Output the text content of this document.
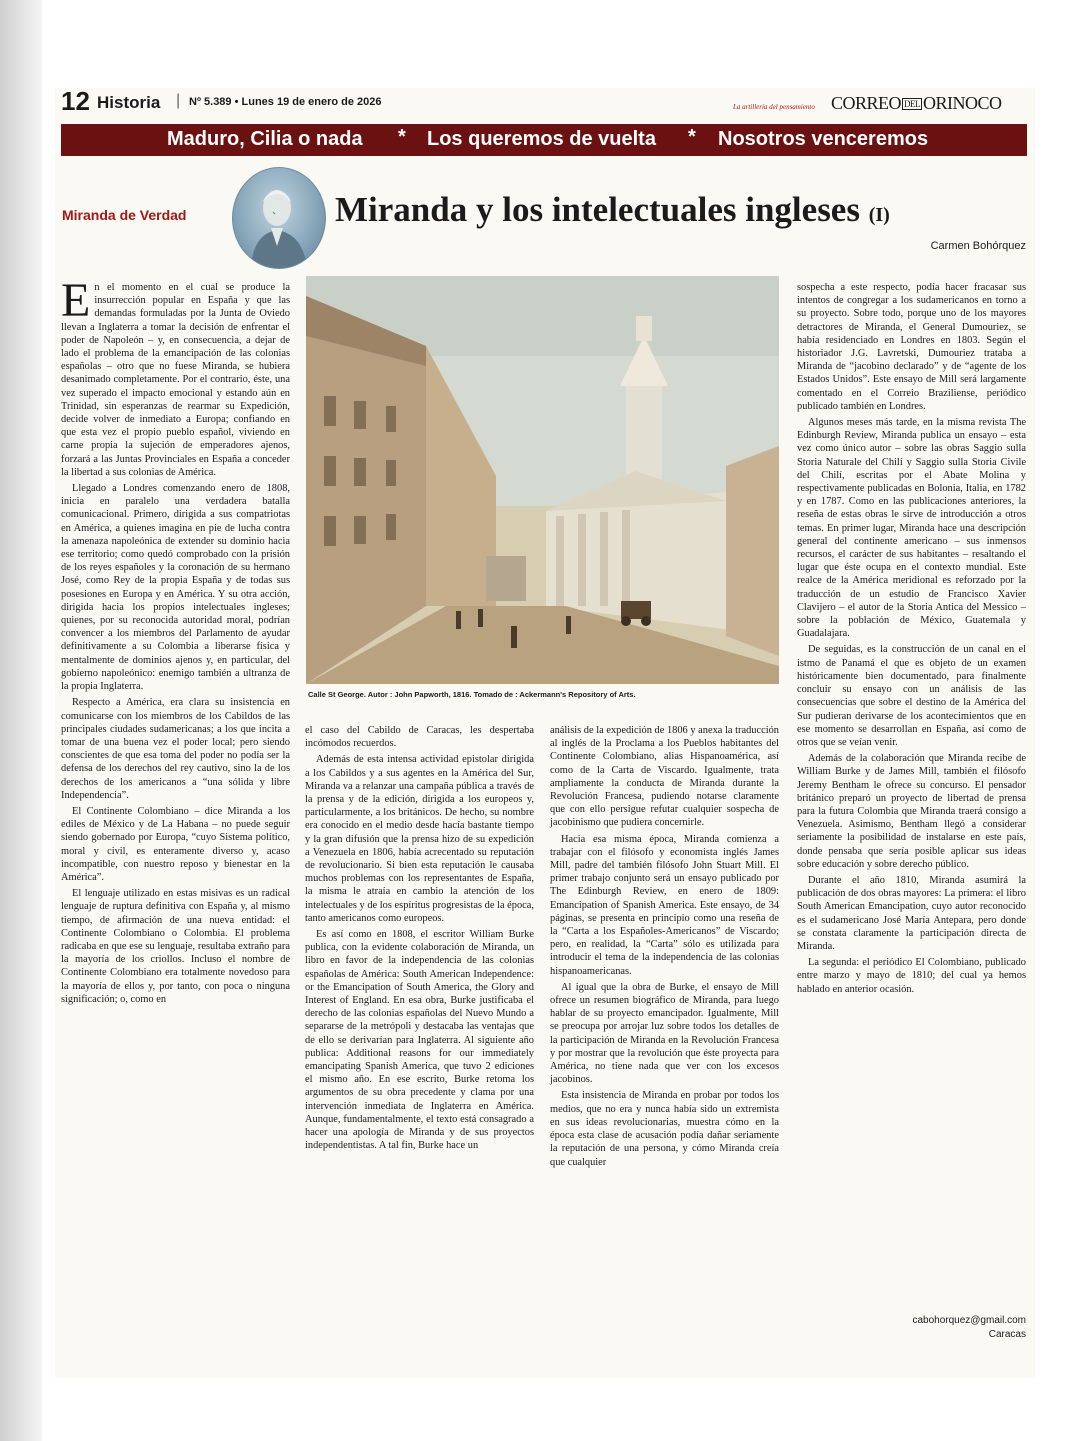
12 Historia | Nº 5.389 • Lunes 19 de enero de 2026	La artillería del pensamiento CORREO DEL ORINOCO
Maduro, Cilia o nada * Los queremos de vuelta * Nosotros venceremos
Miranda de Verdad	Miranda y los intelectuales ingleses (I)
Carmen Bohórquez
Calle St George. Autor : John Papworth, 1816. Tomado de : Ackermann's Repository of Arts.

En el momento en el cual se produce la insurrección popular en España y que las demandas formuladas por la Junta de Oviedo llevan a Inglaterra a tomar la decisión de enfrentar el poder de Napoleón – y, en consecuencia, a dejar de lado el problema de la emancipación de las colonias españolas – otro que no fuese Miranda, se hubiera desanimado completamente. Por el contrario, éste, una vez superado el impacto emocional y estando aún en Trinidad, sin esperanzas de rearmar su Expedición, decide volver de inmediato a Europa; confiando en que esta vez el propio pueblo español, viviendo en carne propia la sujeción de emperadores ajenos, forzará a las Juntas Provinciales en España a conceder la libertad a sus colonias de América.

Llegado a Londres comenzando enero de 1808, inicia en paralelo una verdadera batalla comunicacional. Primero, dirigida a sus compatriotas en América, a quienes imagina en pie de lucha contra la amenaza napoleónica de extender su dominio hacia ese territorio; como quedó comprobado con la prisión de los reyes españoles y la coronación de su hermano José, como Rey de la propia España y de todas sus posesiones en Europa y en América. Y su otra acción, dirigida hacia los propios intelectuales ingleses; quienes, por su reconocida autoridad moral, podrían convencer a los miembros del Parlamento de ayudar definitivamente a su Colombia a liberarse física y mentalmente de dominios ajenos y, en particular, del gobierno napoleónico: enemigo también a ultranza de la propia Inglaterra.

Respecto a América, era clara su insistencia en comunicarse con los miembros de los Cabildos de las principales ciudades sudamericanas; a los que incita a tomar de una buena vez el poder local; pero siendo conscientes de que esa toma del poder no podía ser la defensa de los derechos del rey cautivo, sino la de los derechos de los americanos a “una sólida y libre Independencia”.

El Continente Colombiano – dice Miranda a los ediles de México y de La Habana – no puede seguir siendo gobernado por Europa, “cuyo Sistema político, moral y civil, es enteramente diverso y, acaso incompatible, con nuestro reposo y bienestar en la América”.

El lenguaje utilizado en estas misivas es un radical lenguaje de ruptura definitiva con España y, al mismo tiempo, de afirmación de una nueva entidad: el Continente Colombiano o Colombia. El problema radicaba en que ese su lenguaje, resultaba extraño para la mayoría de los criollos. Incluso el nombre de Continente Colombiano era totalmente novedoso para la mayoría de ellos y, por tanto, con poca o ninguna significación; o, como en

el caso del Cabildo de Caracas, les despertaba incómodos recuerdos.

Además de esta intensa actividad epistolar dirigida a los Cabildos y a sus agentes en la América del Sur, Miranda va a relanzar una campaña pública a través de la prensa y de la edición, dirigida a los europeos y, particularmente, a los británicos. De hecho, su nombre era conocido en el medio desde hacía bastante tiempo y la gran difusión que la prensa hizo de su expedición a Venezuela en 1806, había acrecentado su reputación de revolucionario. Si bien esta reputación le causaba muchos problemas con los representantes de España, la misma le atraía en cambio la atención de los intelectuales y de los espíritus progresistas de la época, tanto americanos como europeos.

Es así como en 1808, el escritor William Burke publica, con la evidente colaboración de Miranda, un libro en favor de la independencia de las colonias españolas de América: South American Independence: or the Emancipation of South America, the Glory and Interest of England. En esa obra, Burke justificaba el derecho de las colonias españolas del Nuevo Mundo a separarse de la metrópoli y destacaba las ventajas que de ello se derivarían para Inglaterra. Al siguiente año publica: Additional reasons for our immediately emancipating Spanish America, que tuvo 2 ediciones el mismo año. En ese escrito, Burke retoma los argumentos de su obra precedente y clama por una intervención inmediata de Inglaterra en América. Aunque, fundamentalmente, el texto está consagrado a hacer una apología de Miranda y de sus proyectos independentistas. A tal fin, Burke hace un

análisis de la expedición de 1806 y anexa la traducción al inglés de la Proclama a los Pueblos habitantes del Continente Colombiano, alias Hispanoamérica, así como de la Carta de Viscardo. Igualmente, trata ampliamente la conducta de Miranda durante la Revolución Francesa, pudiendo notarse claramente que con ello persigue refutar cualquier sospecha de jacobinismo que pudiera concernirle.

Hacia esa misma época, Miranda comienza a trabajar con el filósofo y economista inglés James Mill, padre del también filósofo John Stuart Mill. El primer trabajo conjunto será un ensayo publicado por The Edinburgh Review, en enero de 1809: Emancipation of Spanish America. Este ensayo, de 34 páginas, se presenta en principio como una reseña de la “Carta a los Españoles-Americanos” de Viscardo; pero, en realidad, la “Carta” sólo es utilizada para introducir el tema de la independencia de las colonias hispanoamericanas.

Al igual que la obra de Burke, el ensayo de Mill ofrece un resumen biográfico de Miranda, para luego hablar de su proyecto emancipador. Igualmente, Mill se preocupa por arrojar luz sobre todos los detalles de la participación de Miranda en la Revolución Francesa y por mostrar que la revolución que éste proyecta para América, no tiene nada que ver con los excesos jacobinos.

Esta insistencia de Miranda en probar por todos los medios, que no era y nunca había sido un extremista en sus ideas revolucionarias, muestra cómo en la época esta clase de acusación podía dañar seriamente la reputación de una persona, y cómo Miranda creía que cualquier

sospecha a este respecto, podía hacer fracasar sus intentos de congregar a los sudamericanos en torno a su proyecto. Sobre todo, porque uno de los mayores detractores de Miranda, el General Dumouriez, se había residenciado en Londres en 1803. Según el historiador J.G. Lavretski, Dumouriez trataba a Miranda de “jacobino declarado” y de “agente de los Estados Unidos”. Este ensayo de Mill será largamente comentado en el Correio Braziliense, periódico publicado también en Londres.

Algunos meses más tarde, en la misma revista The Edinburgh Review, Miranda publica un ensayo – esta vez como único autor – sobre las obras Saggio sulla Storia Naturale del Chilí y Saggio sulla Storia Civile del Chilí, escritas por el Abate Molina y respectivamente publicadas en Bolonia, Italia, en 1782 y en 1787. Como en las publicaciones anteriores, la reseña de estas obras le sirve de introducción a otros temas. En primer lugar, Miranda hace una descripción general del continente americano – sus inmensos recursos, el carácter de sus habitantes – resaltando el lugar que éste ocupa en el contexto mundial. Este realce de la América meridional es reforzado por la traducción de un estudio de Francisco Xavier Clavijero – el autor de la Storia Antica del Messico – sobre la población de México, Guatemala y Guadalajara.

De seguidas, es la construcción de un canal en el istmo de Panamá el que es objeto de un examen históricamente bien documentado, para finalmente concluir su ensayo con un análisis de las consecuencias que sobre el destino de la América del Sur pudieran derivarse de los acontecimientos que en ese momento se desarrollan en España, así como de otros que se veían venir.

Además de la colaboración que Miranda recibe de William Burke y de James Mill, también el filósofo Jeremy Bentham le ofrece su concurso. El pensador británico preparó un proyecto de libertad de prensa para la futura Colombia que Miranda traerá consigo a Venezuela. Asimismo, Bentham llegó a considerar seriamente la posibilidad de instalarse en este país, donde pensaba que sería posible aplicar sus ideas sobre educación y sobre derecho público.

Durante el año 1810, Miranda asumirá la publicación de dos obras mayores: La primera: el libro South American Emancipation, cuyo autor reconocido es el sudamericano José María Antepara, pero donde se constata claramente la participación directa de Miranda.

La segunda: el periódico El Colombiano, publicado entre marzo y mayo de 1810; del cual ya hemos hablado en anterior ocasión.

cabohorquez@gmail.com
Caracas
